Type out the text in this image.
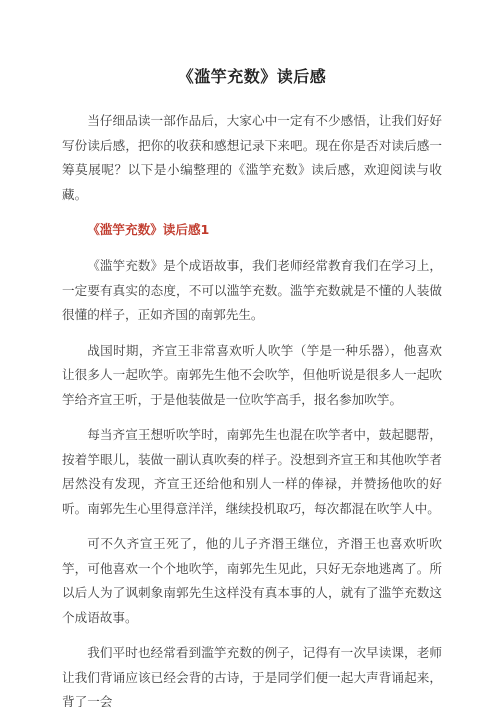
《滥竽充数》读后感

当仔细品读一部作品后，大家心中一定有不少感悟，让我们好好写份读后感，把你的收获和感想记录下来吧。现在你是否对读后感一筹莫展呢？以下是小编整理的《滥竽充数》读后感，欢迎阅读与收藏。

《滥竽充数》读后感1

《滥竽充数》是个成语故事，我们老师经常教育我们在学习上，一定要有真实的态度，不可以滥竽充数。滥竽充数就是不懂的人装做很懂的样子，正如齐国的南郭先生。

战国时期，齐宣王非常喜欢听人吹竽（竽是一种乐器），他喜欢让很多人一起吹竽。南郭先生他不会吹竽，但他听说是很多人一起吹竽给齐宣王听，于是他装做是一位吹竽高手，报名参加吹竽。

每当齐宣王想听吹竽时，南郭先生也混在吹竽者中，鼓起腮帮，按着竽眼儿，装做一副认真吹奏的样子。没想到齐宣王和其他吹竽者居然没有发现，齐宣王还给他和别人一样的俸禄，并赞扬他吹的好听。南郭先生心里得意洋洋，继续投机取巧，每次都混在吹竽人中。

可不久齐宣王死了，他的儿子齐湣王继位，齐湣王也喜欢听吹竽，可他喜欢一个个地吹竽，南郭先生见此，只好无奈地逃离了。所以后人为了讽刺象南郭先生这样没有真本事的人，就有了滥竽充数这个成语故事。

我们平时也经常看到滥竽充数的例子，记得有一次早读课，老师让我们背诵应该已经会背的古诗，于是同学们便一起大声背诵起来，背了一会
